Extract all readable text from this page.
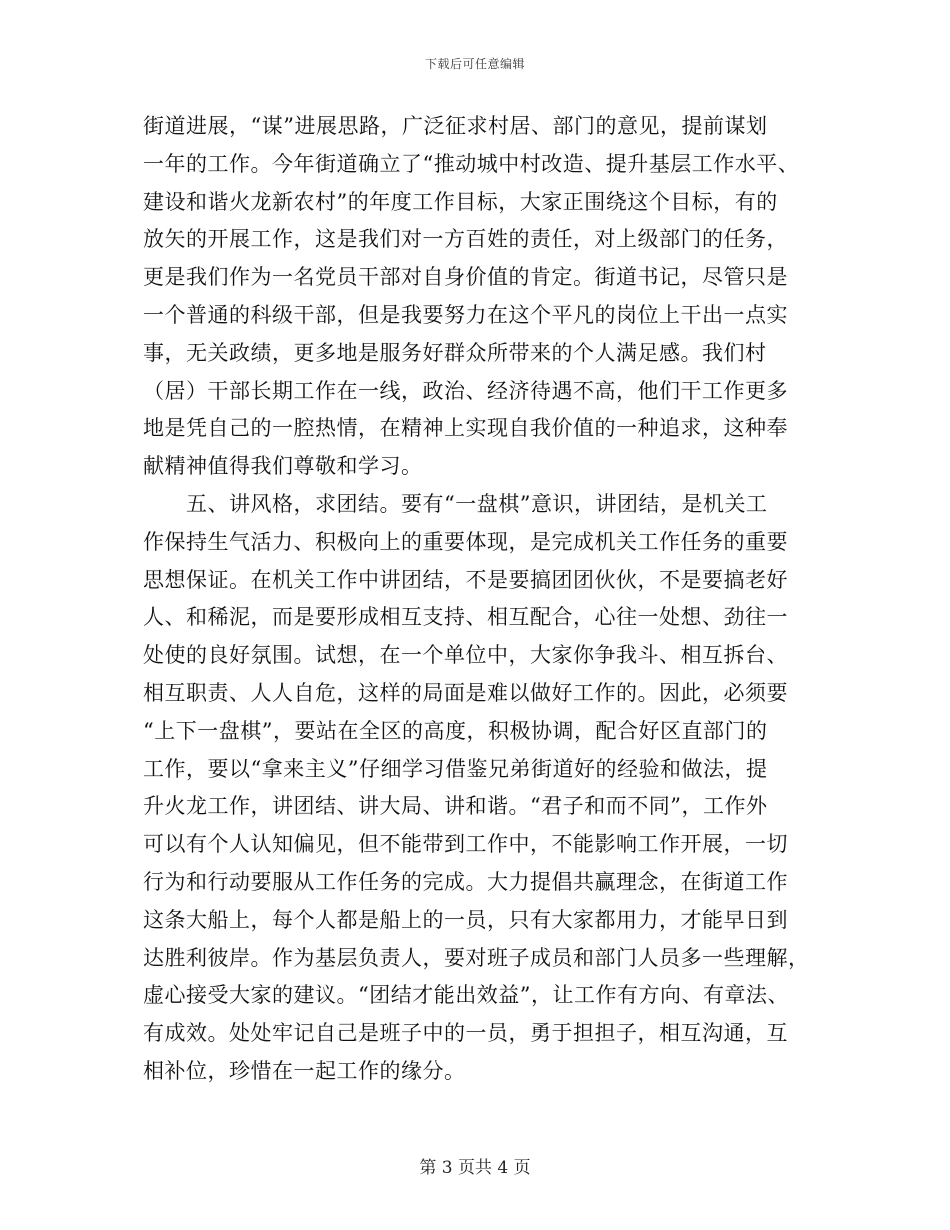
下载后可任意编辑
街道进展，“谋”进展思路，广泛征求村居、部门的意见，提前谋划
一年的工作。今年街道确立了“推动城中村改造、提升基层工作水平、
建设和谐火龙新农村”的年度工作目标，大家正围绕这个目标，有的
放矢的开展工作，这是我们对一方百姓的责任，对上级部门的任务，
更是我们作为一名党员干部对自身价值的肯定。街道书记，尽管只是
一个普通的科级干部，但是我要努力在这个平凡的岗位上干出一点实
事，无关政绩，更多地是服务好群众所带来的个人满足感。我们村
（居）干部长期工作在一线，政治、经济待遇不高，他们干工作更多
地是凭自己的一腔热情，在精神上实现自我价值的一种追求，这种奉
献精神值得我们尊敬和学习。
　　五、讲风格，求团结。要有“一盘棋”意识，讲团结，是机关工
作保持生气活力、积极向上的重要体现，是完成机关工作任务的重要
思想保证。在机关工作中讲团结，不是要搞团团伙伙，不是要搞老好
人、和稀泥，而是要形成相互支持、相互配合，心往一处想、劲往一
处使的良好氛围。试想，在一个单位中，大家你争我斗、相互拆台、
相互职责、人人自危，这样的局面是难以做好工作的。因此，必须要
“上下一盘棋”，要站在全区的高度，积极协调，配合好区直部门的
工作，要以“拿来主义”仔细学习借鉴兄弟街道好的经验和做法，提
升火龙工作，讲团结、讲大局、讲和谐。“君子和而不同”，工作外
可以有个人认知偏见，但不能带到工作中，不能影响工作开展，一切
行为和行动要服从工作任务的完成。大力提倡共赢理念，在街道工作
这条大船上，每个人都是船上的一员，只有大家都用力，才能早日到
达胜利彼岸。作为基层负责人，要对班子成员和部门人员多一些理解，
虚心接受大家的建议。“团结才能出效益”，让工作有方向、有章法、
有成效。处处牢记自己是班子中的一员，勇于担担子，相互沟通，互
相补位，珍惜在一起工作的缘分。
第 3 页共 4 页
